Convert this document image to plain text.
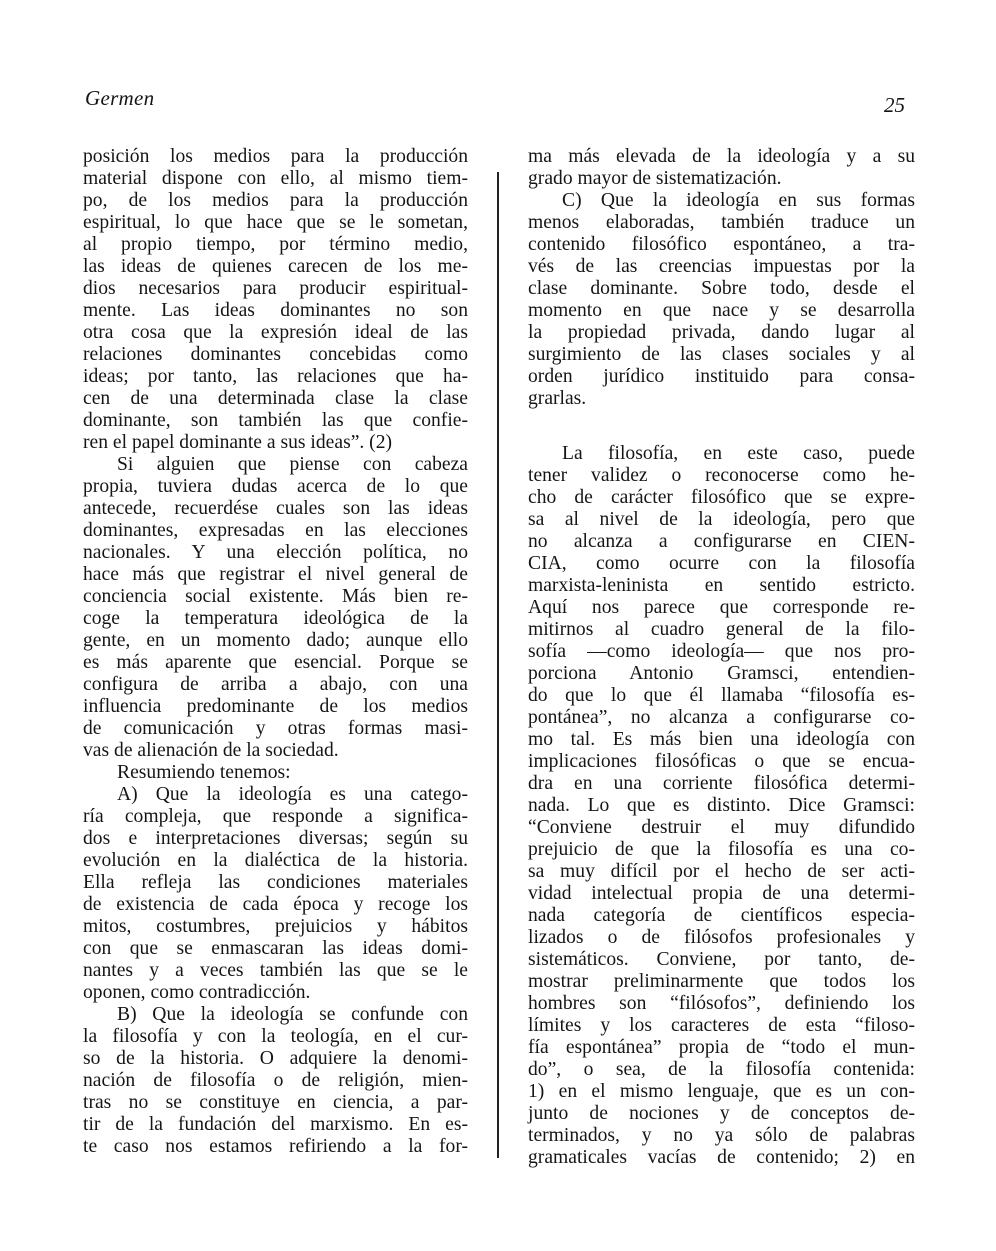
Germen	25
posición los medios para la producción
material dispone con ello, al mismo tiem-
po, de los medios para la producción
espiritual, lo que hace que se le sometan,
al propio tiempo, por término medio,
las ideas de quienes carecen de los me-
dios necesarios para producir espiritual-
mente. Las ideas dominantes no son
otra cosa que la expresión ideal de las
relaciones dominantes concebidas como
ideas; por tanto, las relaciones que ha-
cen de una determinada clase la clase
dominante, son también las que confie-
ren el papel dominante a sus ideas”. (2)
Si alguien que piense con cabeza
propia, tuviera dudas acerca de lo que
antecede, recuerdése cuales son las ideas
dominantes, expresadas en las elecciones
nacionales. Y una elección política, no
hace más que registrar el nivel general de
conciencia social existente. Más bien re-
coge la temperatura ideológica de la
gente, en un momento dado; aunque ello
es más aparente que esencial. Porque se
configura de arriba a abajo, con una
influencia predominante de los medios
de comunicación y otras formas masi-
vas de alienación de la sociedad.
Resumiendo tenemos:
A) Que la ideología es una catego-
ría compleja, que responde a significa-
dos e interpretaciones diversas; según su
evolución en la dialéctica de la historia.
Ella refleja las condiciones materiales
de existencia de cada época y recoge los
mitos, costumbres, prejuicios y hábitos
con que se enmascaran las ideas domi-
nantes y a veces también las que se le
oponen, como contradicción.
B) Que la ideología se confunde con
la filosofía y con la teología, en el cur-
so de la historia. O adquiere la denomi-
nación de filosofía o de religión, mien-
tras no se constituye en ciencia, a par-
tir de la fundación del marxismo. En es-
te caso nos estamos refiriendo a la for-
ma más elevada de la ideología y a su
grado mayor de sistematización.
C) Que la ideología en sus formas
menos elaboradas, también traduce un
contenido filosófico espontáneo, a tra-
vés de las creencias impuestas por la
clase dominante. Sobre todo, desde el
momento en que nace y se desarrolla
la propiedad privada, dando lugar al
surgimiento de las clases sociales y al
orden jurídico instituido para consa-
grarlas.
La filosofía, en este caso, puede
tener validez o reconocerse como he-
cho de carácter filosófico que se expre-
sa al nivel de la ideología, pero que
no alcanza a configurarse en CIEN-
CIA, como ocurre con la filosofía
marxista-leninista en sentido estricto.
Aquí nos parece que corresponde re-
mitirnos al cuadro general de la filo-
sofía —como ideología— que nos pro-
porciona Antonio Gramsci, entendien-
do que lo que él llamaba “filosofía es-
pontánea”, no alcanza a configurarse co-
mo tal. Es más bien una ideología con
implicaciones filosóficas o que se encua-
dra en una corriente filosófica determi-
nada. Lo que es distinto. Dice Gramsci:
“Conviene destruir el muy difundido
prejuicio de que la filosofía es una co-
sa muy difícil por el hecho de ser acti-
vidad intelectual propia de una determi-
nada categoría de científicos especia-
lizados o de filósofos profesionales y
sistemáticos. Conviene, por tanto, de-
mostrar preliminarmente que todos los
hombres son “filósofos”, definiendo los
límites y los caracteres de esta “filoso-
fía espontánea” propia de “todo el mun-
do”, o sea, de la filosofía contenida:
1) en el mismo lenguaje, que es un con-
junto de nociones y de conceptos de-
terminados, y no ya sólo de palabras
gramaticales vacías de contenido; 2) en
